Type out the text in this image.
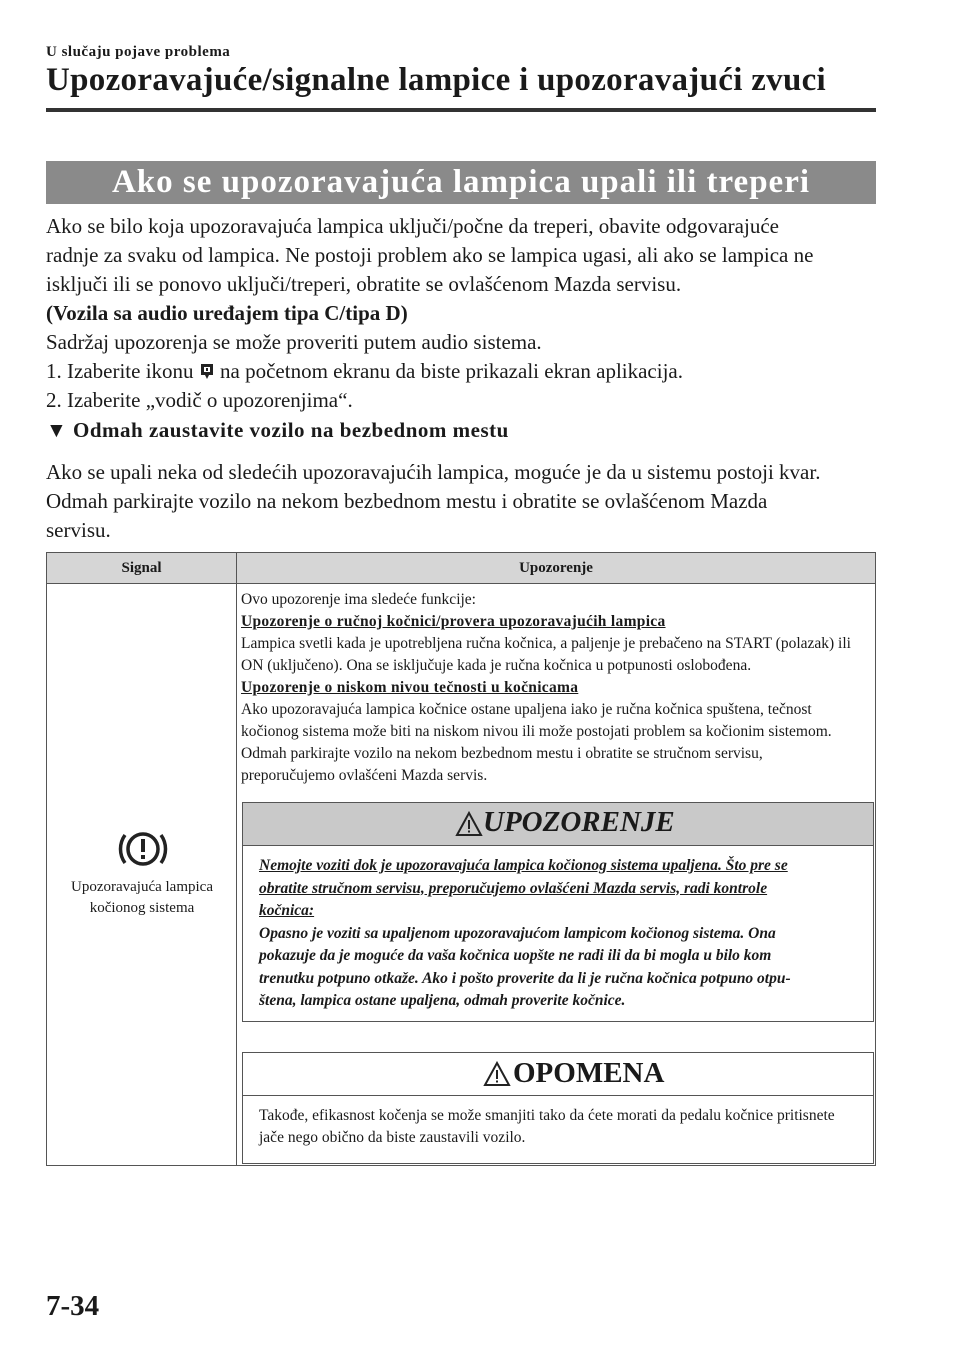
U slučaju pojave problema
Upozoravajuće/signalne lampice i upozoravajući zvuci
Ako se upozoravajuća lampica upali ili treperi
Ako se bilo koja upozoravajuća lampica uključi/počne da treperi, obavite odgovarajuće
radnje za svaku od lampica. Ne postoji problem ako se lampica ugasi, ali ako se lampica ne
isključi ili se ponovo uključi/treperi, obratite se ovlašćenom Mazda servisu.
(Vozila sa audio uređajem tipa C/tipa D)
Sadržaj upozorenja se može proveriti putem audio sistema.
1. Izaberite ikonu na početnom ekranu da biste prikazali ekran aplikacija.
2. Izaberite „vodič o upozorenjima“.
▼ Odmah zaustavite vozilo na bezbednom mestu
Ako se upali neka od sledećih upozoravajućih lampica, moguće je da u sistemu postoji kvar.
Odmah parkirajte vozilo na nekom bezbednom mestu i obratite se ovlašćenom Mazda
servisu.
Signal	Upozorenje
Upozoravajuća lampica
kočionog sistema
Ovo upozorenje ima sledeće funkcije:
Upozorenje o ručnoj kočnici/provera upozoravajućih lampica
Lampica svetli kada je upotrebljena ručna kočnica, a paljenje je prebačeno na START (polazak) ili
ON (uključeno). Ona se isključuje kada je ručna kočnica u potpunosti oslobođena.
Upozorenje o niskom nivou tečnosti u kočnicama
Ako upozoravajuća lampica kočnice ostane upaljena iako je ručna kočnica spuštena, tečnost
kočionog sistema može biti na niskom nivou ili može postojati problem sa kočionim sistemom.
Odmah parkirajte vozilo na nekom bezbednom mestu i obratite se stručnom servisu,
preporučujemo ovlašćeni Mazda servis.
UPOZORENJE
Nemojte voziti dok je upozoravajuća lampica kočionog sistema upaljena. Što pre se
obratite stručnom servisu, preporučujemo ovlašćeni Mazda servis, radi kontrole
kočnica:
Opasno je voziti sa upaljenom upozoravajućom lampicom kočionog sistema. Ona
pokazuje da je moguće da vaša kočnica uopšte ne radi ili da bi mogla u bilo kom
trenutku potpuno otkaže. Ako i pošto proverite da li je ručna kočnica potpuno otpu-
štena, lampica ostane upaljena, odmah proverite kočnice.
OPOMENA
Takođe, efikasnost kočenja se može smanjiti tako da ćete morati da pedalu kočnice pritisnete
jače nego obično da biste zaustavili vozilo.
7-34
